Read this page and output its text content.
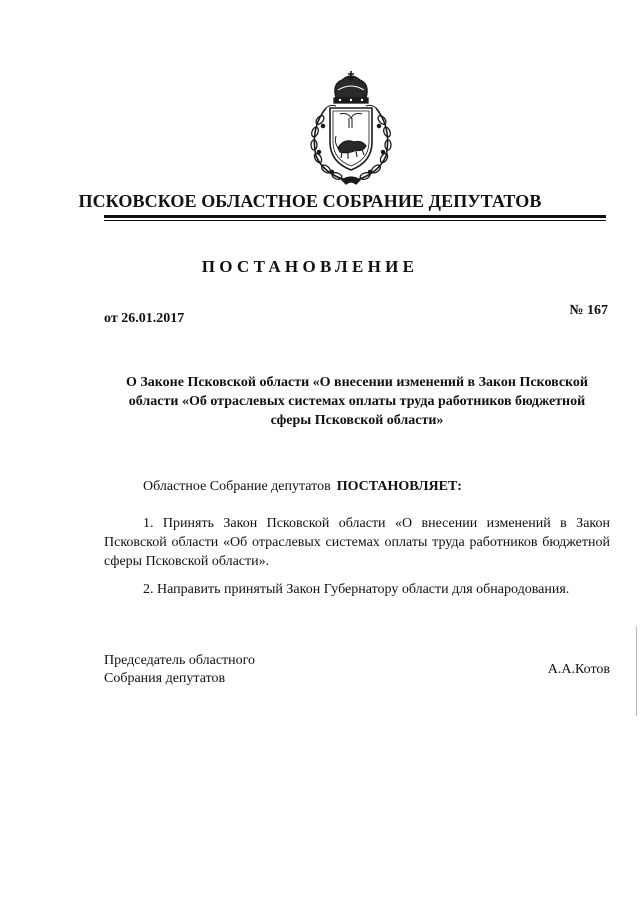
ПСКОВСКОЕ ОБЛАСТНОЕ СОБРАНИЕ ДЕПУТАТОВ
ПОСТАНОВЛЕНИЕ
от 26.01.2017
№ 167
О Законе Псковской области «О внесении изменений в Закон Псковской
области «Об отраслевых системах оплаты труда работников бюджетной
сферы Псковской области»
Областное Собрание депутатов ПОСТАНОВЛЯЕТ:
1. Принять Закон Псковской области «О внесении изменений в Закон Псковской области «Об отраслевых системах оплаты труда работников бюджетной сферы Псковской области».
2. Направить принятый Закон Губернатору области для обнародования.
Председатель областного
Собрания депутатов
А.А.Котов
